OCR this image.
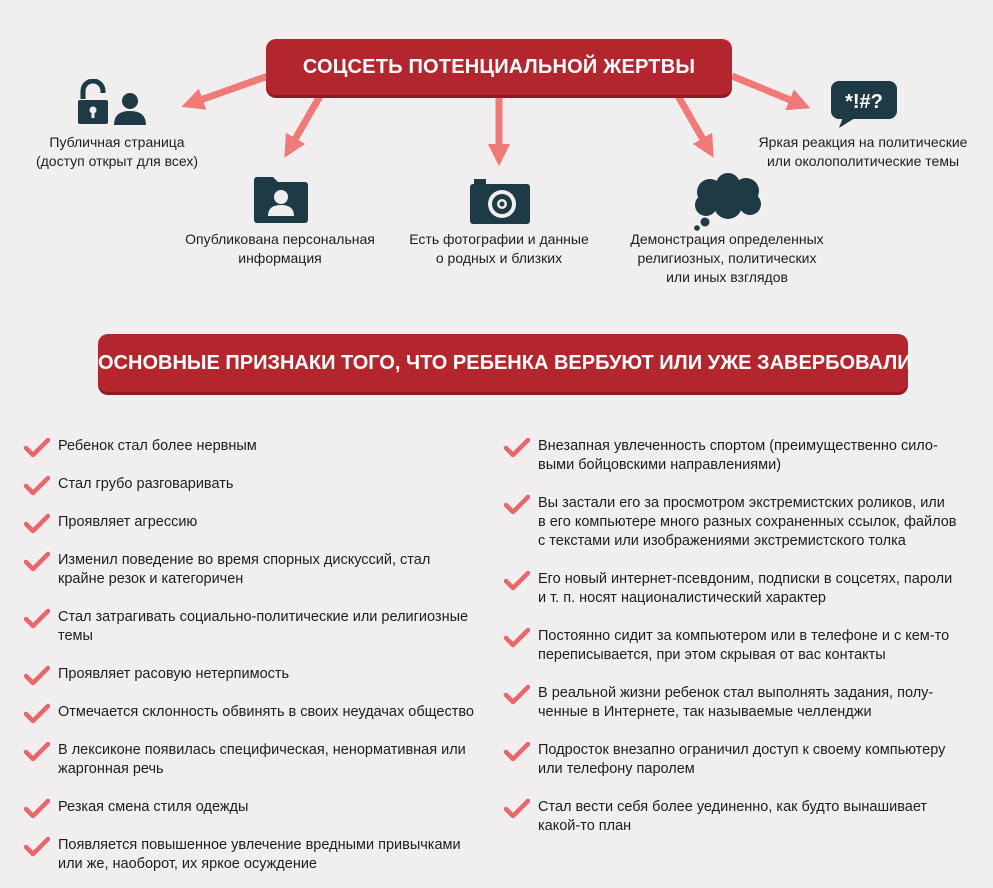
СОЦСЕТЬ ПОТЕНЦИАЛЬНОЙ ЖЕРТВЫ
Публичная страница
(доступ открыт для всех)
Опубликована персональная
информация
Есть фотографии и данные
о родных и близких
Демонстрация определенных
религиозных, политических
или иных взглядов
*!#?
Яркая реакция на политические
или околополитические темы
ОСНОВНЫЕ ПРИЗНАКИ ТОГО, ЧТО РЕБЕНКА ВЕРБУЮТ ИЛИ УЖЕ ЗАВЕРБОВАЛИ
Ребенок стал более нервным
Стал грубо разговаривать
Проявляет агрессию
Изменил поведение во время спорных дискуссий, стал
крайне резок и категоричен
Стал затрагивать социально-политические или религиозные
темы
Проявляет расовую нетерпимость
Отмечается склонность обвинять в своих неудачах общество
В лексиконе появилась специфическая, ненормативная или
жаргонная речь
Резкая смена стиля одежды
Появляется повышенное увлечение вредными привычками
или же, наоборот, их яркое осуждение
Внезапная увлеченность спортом (преимущественно сило-
выми бойцовскими направлениями)
Вы застали его за просмотром экстремистских роликов, или
в его компьютере много разных сохраненных ссылок, файлов
с текстами или изображениями экстремистского толка
Его новый интернет-псевдоним, подписки в соцсетях, пароли
и т. п. носят националистический характер
Постоянно сидит за компьютером или в телефоне и с кем-то
переписывается, при этом скрывая от вас контакты
В реальной жизни ребенок стал выполнять задания, полу-
ченные в Интернете, так называемые челленджи
Подросток внезапно ограничил доступ к своему компьютеру
или телефону паролем
Стал вести себя более уединенно, как будто вынашивает
какой-то план
